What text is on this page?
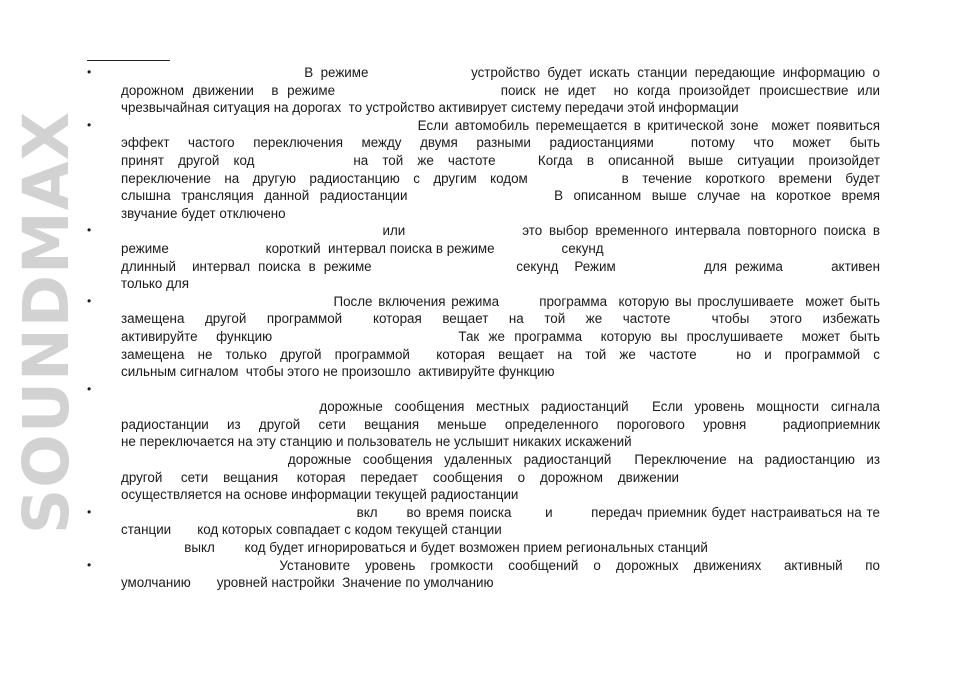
SOUNDMAX
• В режиме              устройство будет искать станции передающие информацию о
дорожном движении  в режиме                   поиск не идет  но когда произойдет происшествие или
чрезвычайная ситуация на дорогах  то устройство активирует систему передачи этой информации
• Если автомобиль перемещается в критической зоне  может появиться
эффект частого переключения между двумя разными радиостанциями  потому что может быть
принят другой код       на той же частоте   Когда в описанной выше ситуации произойдет
переключение на другую радиостанцию с другим кодом       в течение короткого времени будет
слышна трансляция данной радиостанции              В описанном выше случае на короткое время
звучание будет отключено
• или                 это выбор временного интервала повторного поиска в
режиме                          короткий  интервал поиска в режиме                  секунд
длинный  интервал поиска в режиме                  секунд  Режим           для режима      активен
только для
• После включения режима       программа  которую вы прослушиваете  может быть
замещена  другой  программой   которая  вещает  на  той  же  частоте    чтобы  этого  избежать
активируйте  функцию                    Так же программа  которую вы прослушиваете  может быть
замещена не только другой программой  которая вещает на той же частоте   но и программой с
сильным сигналом  чтобы этого не произошло  активируйте функцию
•
дорожные  сообщения  местных  радиостанций    Если  уровень  мощности  сигнала
радиостанции из другой сети вещания меньше определенного порогового уровня  радиоприемник
не переключается на эту станцию и пользователь не услышит никаких искажений
дорожные  сообщения  удаленных  радиостанций    Переключение  на  радиостанцию  из
другой     сети    вещания     которая    передает    сообщения    о    дорожном    движении
осуществляется на основе информации текущей радиостанции
• вкл      во время поиска       и        передач приемник будет настраиваться на те
станции       код которых совпадает с кодом текущей станции
выкл        код будет игнорироваться и будет возможен прием региональных станций
• Установите  уровень  громкости  сообщений  о  дорожных  движениях   активный   по
умолчанию       уровней настройки  Значение по умолчанию
